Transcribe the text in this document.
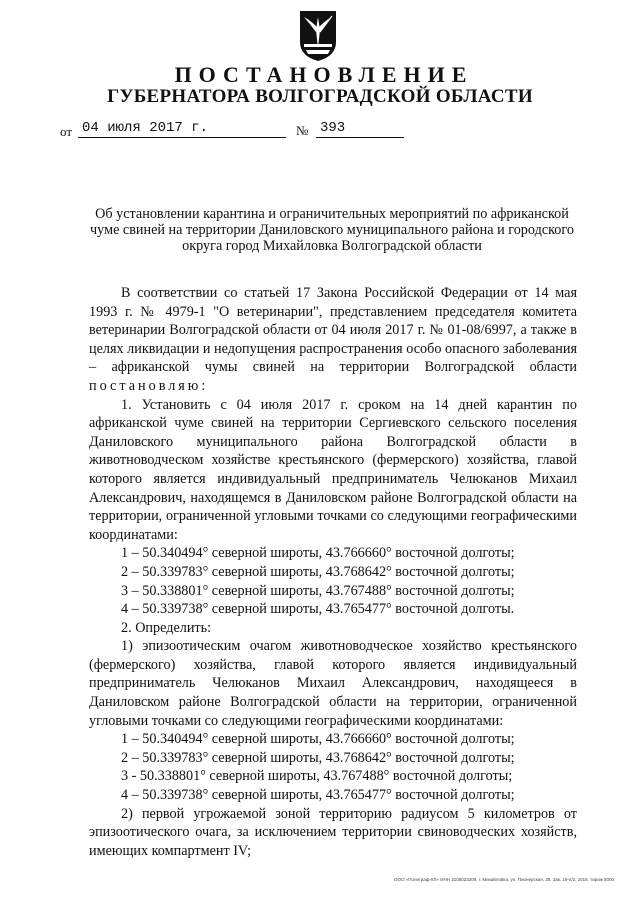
ПОСТАНОВЛЕНИЕ
ГУБЕРНАТОРА ВОЛГОГРАДСКОЙ ОБЛАСТИ
от 04 июля 2017 г.	№ 393
Об установлении карантина и ограничительных мероприятий по африканской чуме свиней на территории Даниловского муниципального района и городского округа город Михайловка Волгоградской области

В соответствии со статьей 17 Закона Российской Федерации от 14 мая 1993 г. № 4979-1 "О ветеринарии", представлением председателя комитета ветеринарии Волгоградской области от 04 июля 2017 г. № 01-08/6997, а также в целях ликвидации и недопущения распространения особо опасного заболевания – африканской чумы свиней на территории Волгоградской области постановляю:

1. Установить с 04 июля 2017 г. сроком на 14 дней карантин по африканской чуме свиней на территории Сергиевского сельского поселения Даниловского муниципального района Волгоградской области в животноводческом хозяйстве крестьянского (фермерского) хозяйства, главой которого является индивидуальный предприниматель Челюканов Михаил Александрович, находящемся в Даниловском районе Волгоградской области на территории, ограниченной угловыми точками со следующими географическими координатами:

1 – 50.340494° северной широты, 43.766660° восточной долготы;
2 – 50.339783° северной широты, 43.768642° восточной долготы;
3 – 50.338801° северной широты, 43.767488° восточной долготы;
4 – 50.339738° северной широты, 43.765477° восточной долготы.

2. Определить:

1) эпизоотическим очагом животноводческое хозяйство крестьянского (фермерского) хозяйства, главой которого является индивидуальный предприниматель Челюканов Михаил Александрович, находящееся в Даниловском районе Волгоградской области на территории, ограниченной угловыми точками со следующими географическими координатами:

1 – 50.340494° северной широты, 43.766660° восточной долготы;
2 – 50.339783° северной широты, 43.768642° восточной долготы;
3 - 50.338801° северной широты, 43.767488° восточной долготы;
4 – 50.339738° северной широты, 43.765477° восточной долготы;

2) первой угрожаемой зоной территорию радиусом 5 километров от эпизоотического очага, за исключением территории свиноводческих хозяйств, имеющих компартмент IV;

ООО «Полиграф-КЛ» ИНН 3105023209, г. Михайловка, ул. Пионерская, 38. Зак. 19-п/2, 2015, тираж 5000
